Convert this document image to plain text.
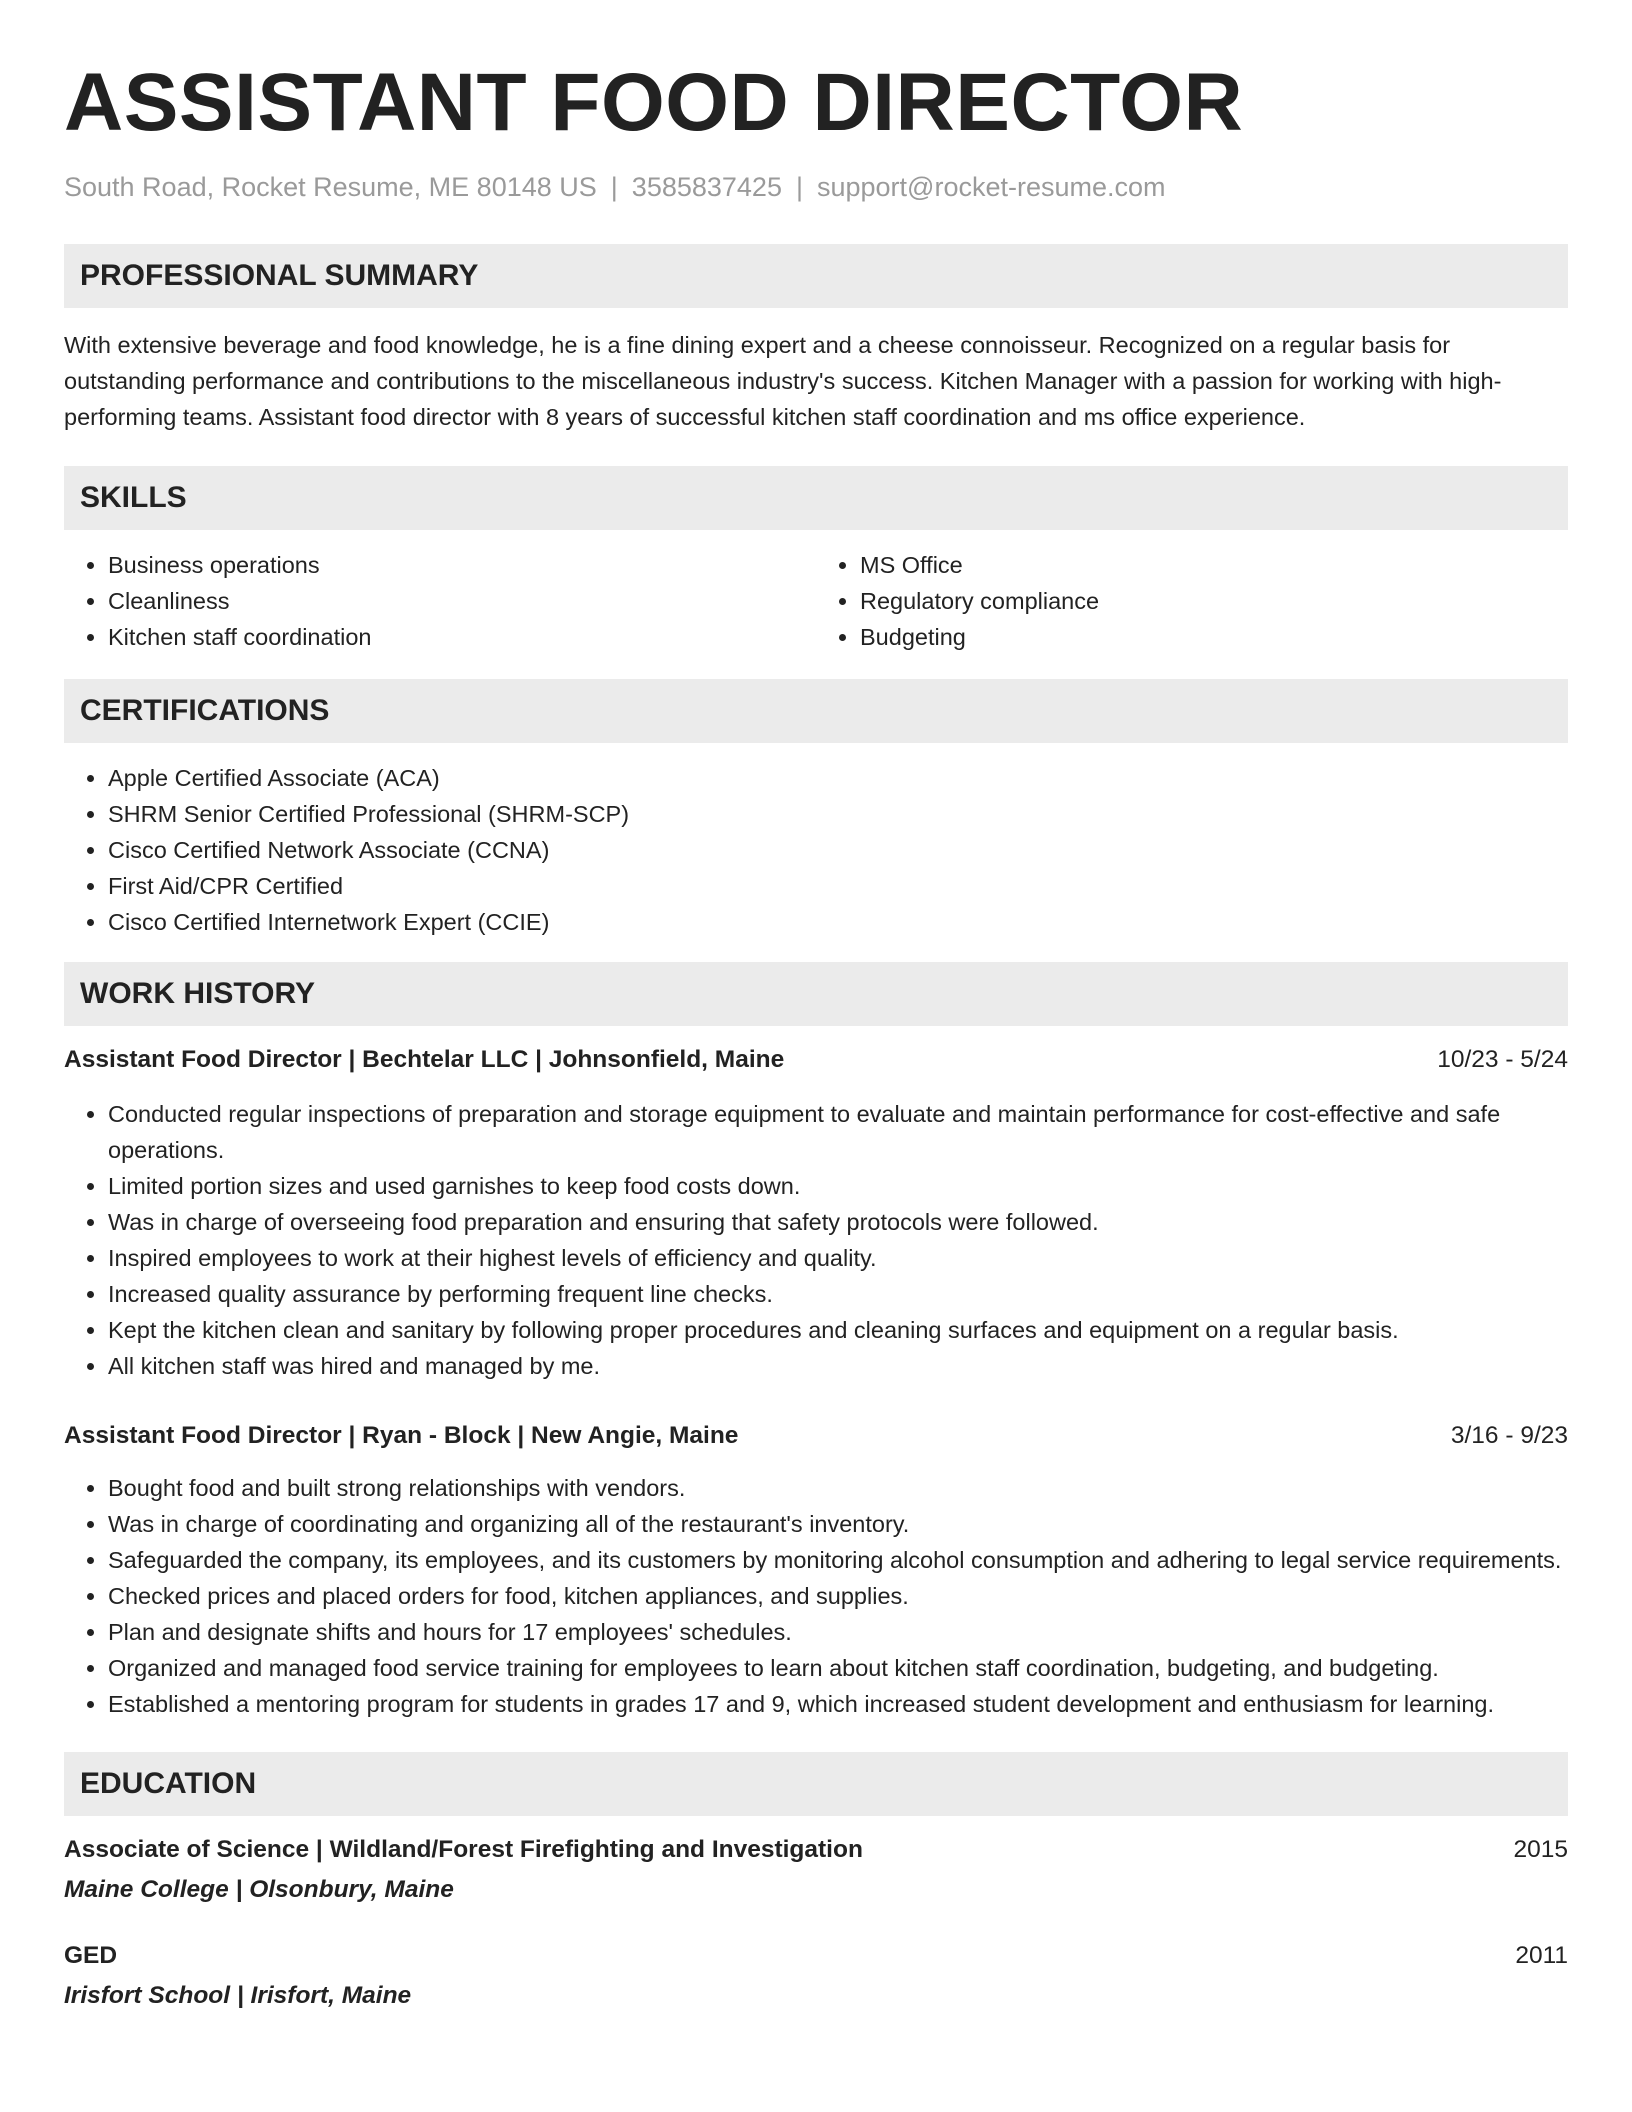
ASSISTANT FOOD DIRECTOR
South Road, Rocket Resume, ME 80148 US | 3585837425 | support@rocket-resume.com
PROFESSIONAL SUMMARY

With extensive beverage and food knowledge, he is a fine dining expert and a cheese connoisseur. Recognized on a regular basis for outstanding performance and contributions to the miscellaneous industry's success. Kitchen Manager with a passion for working with high-performing teams. Assistant food director with 8 years of successful kitchen staff coordination and ms office experience.

SKILLS
• Business operations
• Cleanliness
• Kitchen staff coordination
• MS Office
• Regulatory compliance
• Budgeting
CERTIFICATIONS
• Apple Certified Associate (ACA)
• SHRM Senior Certified Professional (SHRM-SCP)
• Cisco Certified Network Associate (CCNA)
• First Aid/CPR Certified
• Cisco Certified Internetwork Expert (CCIE)
WORK HISTORY
Assistant Food Director | Bechtelar LLC | Johnsonfield, Maine	10/23 - 5/24
• Conducted regular inspections of preparation and storage equipment to evaluate and maintain performance for cost-effective and safe operations.
• Limited portion sizes and used garnishes to keep food costs down.
• Was in charge of overseeing food preparation and ensuring that safety protocols were followed.
• Inspired employees to work at their highest levels of efficiency and quality.
• Increased quality assurance by performing frequent line checks.
• Kept the kitchen clean and sanitary by following proper procedures and cleaning surfaces and equipment on a regular basis.
• All kitchen staff was hired and managed by me.
Assistant Food Director | Ryan - Block | New Angie, Maine	3/16 - 9/23
• Bought food and built strong relationships with vendors.
• Was in charge of coordinating and organizing all of the restaurant's inventory.
• Safeguarded the company, its employees, and its customers by monitoring alcohol consumption and adhering to legal service requirements.
• Checked prices and placed orders for food, kitchen appliances, and supplies.
• Plan and designate shifts and hours for 17 employees' schedules.
• Organized and managed food service training for employees to learn about kitchen staff coordination, budgeting, and budgeting.
• Established a mentoring program for students in grades 17 and 9, which increased student development and enthusiasm for learning.
EDUCATION
Associate of Science | Wildland/Forest Firefighting and Investigation	2015
Maine College | Olsonbury, Maine
GED	2011
Irisfort School | Irisfort, Maine
